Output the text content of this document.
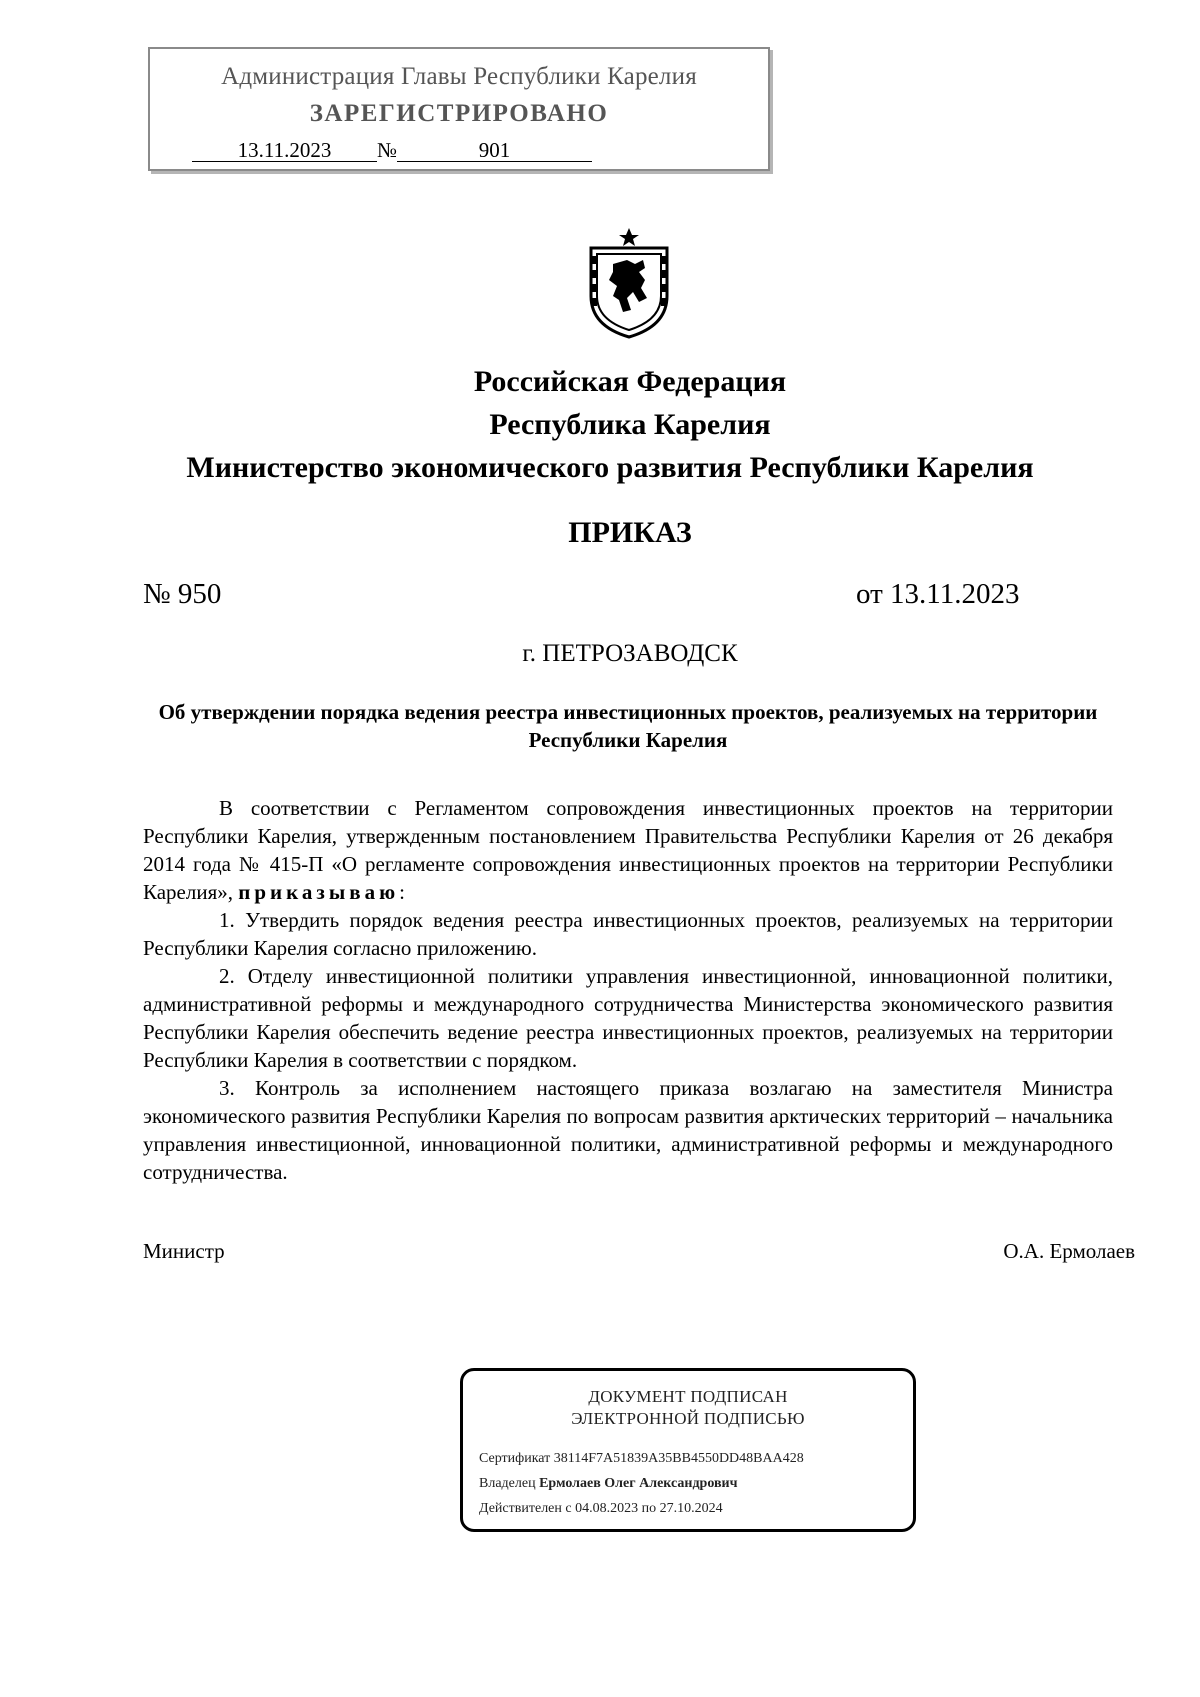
Администрация Главы Республики Карелия
ЗАРЕГИСТРИРОВАНО
13.11.2023 №	901
Российская Федерация
Республика Карелия
Министерство экономического развития Республики Карелия
ПРИКАЗ
№ 950	от 13.11.2023
г. ПЕТРОЗАВОДСК
Об утверждении порядка ведения реестра инвестиционных проектов, реализуемых на территории Республики Карелия

В соответствии с Регламентом сопровождения инвестиционных проектов на территории Республики Карелия, утвержденным постановлением Правительства Республики Карелия от 26 декабря 2014 года № 415-П «О регламенте сопровождения инвестиционных проектов на территории Республики Карелия», приказываю:

1. Утвердить порядок ведения реестра инвестиционных проектов, реализуемых на территории Республики Карелия согласно приложению.

2. Отделу инвестиционной политики управления инвестиционной, инновационной политики, административной реформы и международного сотрудничества Министерства экономического развития Республики Карелия обеспечить ведение реестра инвестиционных проектов, реализуемых на территории Республики Карелия в соответствии с порядком.

3. Контроль за исполнением настоящего приказа возлагаю на заместителя Министра экономического развития Республики Карелия по вопросам развития арктических территорий – начальника управления инвестиционной, инновационной политики, административной реформы и международного сотрудничества.

Министр	О.А. Ермолаев
ДОКУМЕНТ ПОДПИСАН
ЭЛЕКТРОННОЙ ПОДПИСЬЮ
Сертификат 38114F7A51839A35BB4550DD48BAA428
Владелец Ермолаев Олег Александрович
Действителен с 04.08.2023 по 27.10.2024
